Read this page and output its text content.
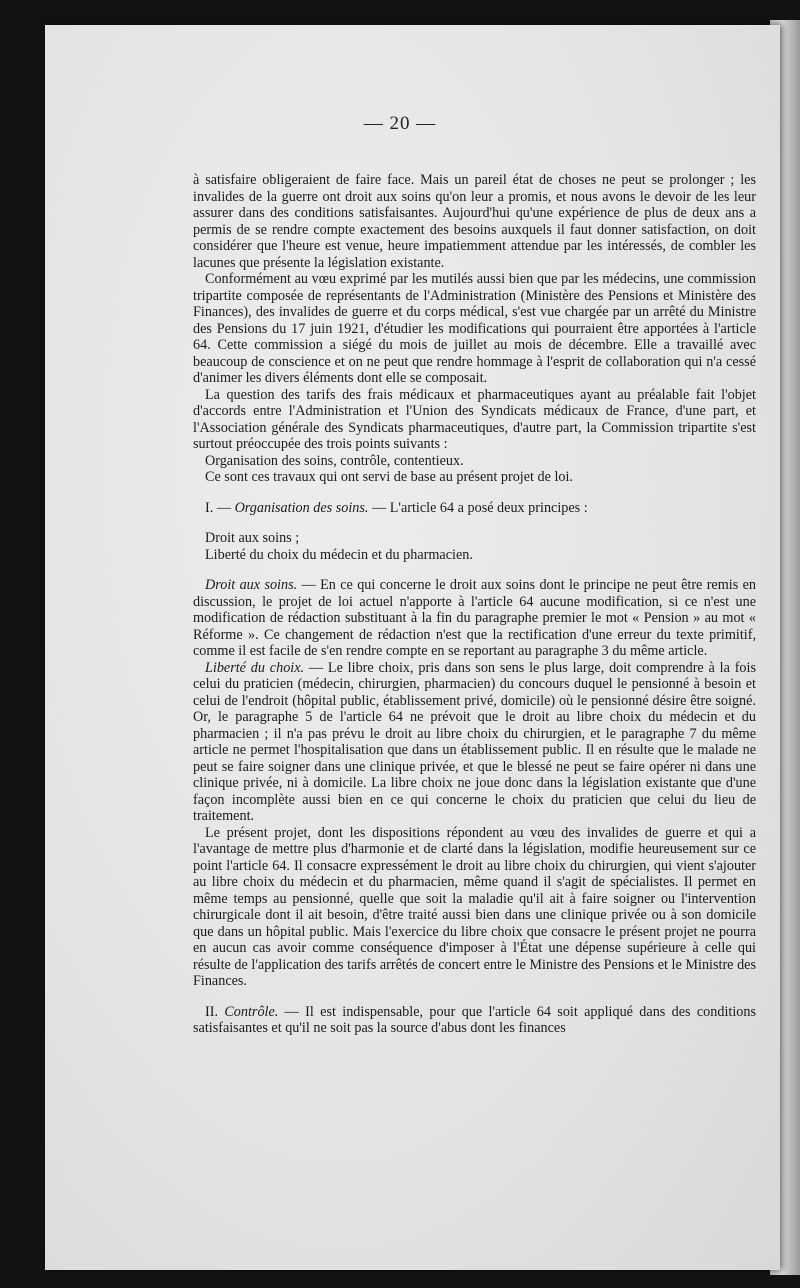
— 20 —

à satisfaire obligeraient de faire face. Mais un pareil état de choses ne peut se prolonger ; les invalides de la guerre ont droit aux soins qu'on leur a promis, et nous avons le devoir de les leur assurer dans des conditions satisfaisantes. Aujourd'hui qu'une expérience de plus de deux ans a permis de se rendre compte exactement des besoins auxquels il faut donner satisfaction, on doit considérer que l'heure est venue, heure impatiemment attendue par les intéressés, de combler les lacunes que présente la législation existante.

Conformément au vœu exprimé par les mutilés aussi bien que par les médecins, une commission tripartite composée de représentants de l'Administration (Ministère des Pensions et Ministère des Finances), des invalides de guerre et du corps médical, s'est vue chargée par un arrêté du Ministre des Pensions du 17 juin 1921, d'étudier les modifications qui pourraient être apportées à l'article 64. Cette commission a siégé du mois de juillet au mois de décembre. Elle a travaillé avec beaucoup de conscience et on ne peut que rendre hommage à l'esprit de collaboration qui n'a cessé d'animer les divers éléments dont elle se composait.

La question des tarifs des frais médicaux et pharmaceutiques ayant au préalable fait l'objet d'accords entre l'Administration et l'Union des Syndicats médicaux de France, d'une part, et l'Association générale des Syndicats pharmaceutiques, d'autre part, la Commission tripartite s'est surtout préoccupée des trois points suivants :

Organisation des soins, contrôle, contentieux.

Ce sont ces travaux qui ont servi de base au présent projet de loi.

I. — Organisation des soins. — L'article 64 a posé deux principes :

Droit aux soins ;

Liberté du choix du médecin et du pharmacien.

Droit aux soins. — En ce qui concerne le droit aux soins dont le principe ne peut être remis en discussion, le projet de loi actuel n'apporte à l'article 64 aucune modification, si ce n'est une modification de rédaction substituant à la fin du paragraphe premier le mot « Pension » au mot « Réforme ». Ce changement de rédaction n'est que la rectification d'une erreur du texte primitif, comme il est facile de s'en rendre compte en se reportant au paragraphe 3 du même article.

Liberté du choix. — Le libre choix, pris dans son sens le plus large, doit comprendre à la fois celui du praticien (médecin, chirurgien, pharmacien) du concours duquel le pensionné à besoin et celui de l'endroit (hôpital public, établissement privé, domicile) où le pensionné désire être soigné. Or, le paragraphe 5 de l'article 64 ne prévoit que le droit au libre choix du médecin et du pharmacien ; il n'a pas prévu le droit au libre choix du chirurgien, et le paragraphe 7 du même article ne permet l'hospitalisation que dans un établissement public. Il en résulte que le malade ne peut se faire soigner dans une clinique privée, et que le blessé ne peut se faire opérer ni dans une clinique privée, ni à domicile. La libre choix ne joue donc dans la législation existante que d'une façon incomplète aussi bien en ce qui concerne le choix du praticien que celui du lieu de traitement.

Le présent projet, dont les dispositions répondent au vœu des invalides de guerre et qui a l'avantage de mettre plus d'harmonie et de clarté dans la législation, modifie heureusement sur ce point l'article 64. Il consacre expressément le droit au libre choix du chirurgien, qui vient s'ajouter au libre choix du médecin et du pharmacien, même quand il s'agit de spécialistes. Il permet en même temps au pensionné, quelle que soit la maladie qu'il ait à faire soigner ou l'intervention chirurgicale dont il ait besoin, d'être traité aussi bien dans une clinique privée ou à son domicile que dans un hôpital public. Mais l'exercice du libre choix que consacre le présent projet ne pourra en aucun cas avoir comme conséquence d'imposer à l'État une dépense supérieure à celle qui résulte de l'application des tarifs arrêtés de concert entre le Ministre des Pensions et le Ministre des Finances.

II. Contrôle. — Il est indispensable, pour que l'article 64 soit appliqué dans des conditions satisfaisantes et qu'il ne soit pas la source d'abus dont les finances
